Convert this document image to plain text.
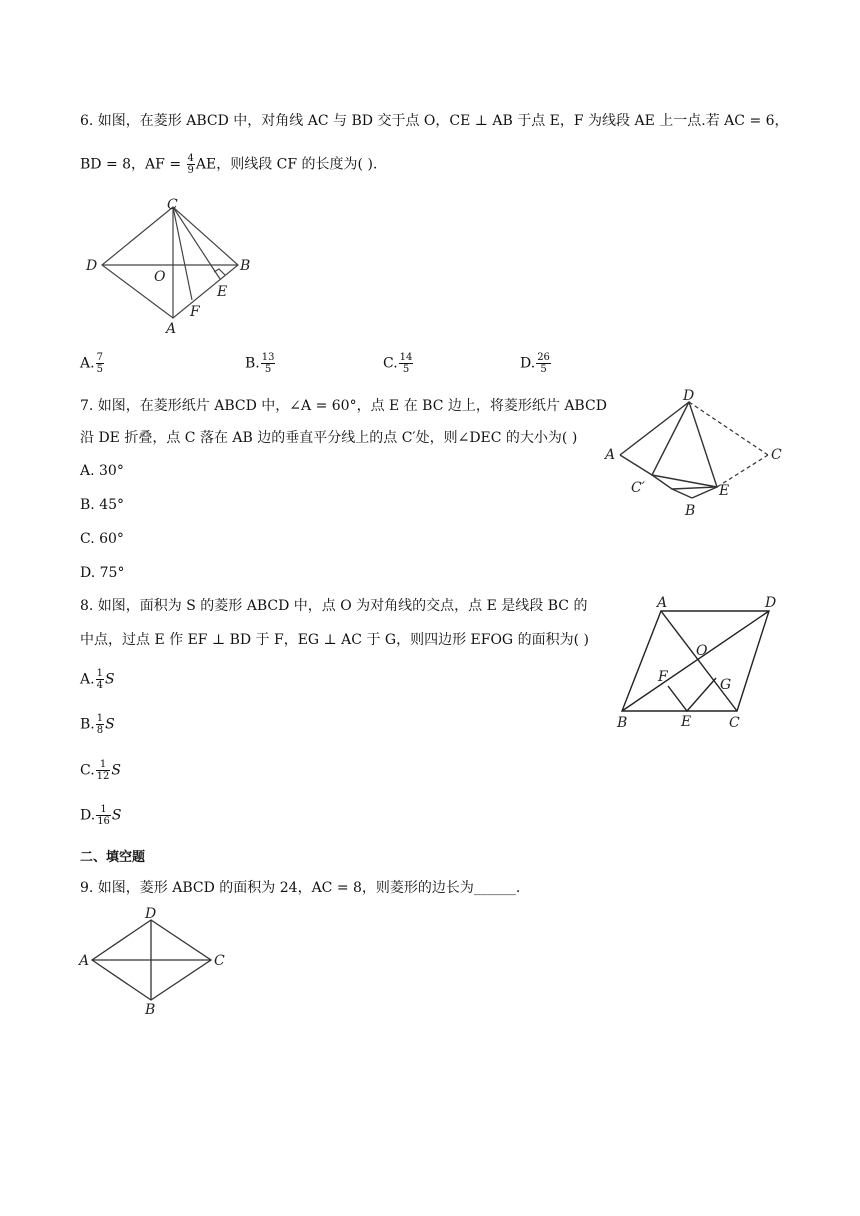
6. 如图，在菱形 ABCD 中，对角线 AC 与 BD 交于点 O，CE ⊥ AB 于点 E，F 为线段 AE 上一点.若 AC = 6，
BD = 8，AF = $\frac{4}{9}$ AE，则线段 CF 的长度为( ).
C
D
O
B
E
A
F
A. $\frac{7}{5}$	B. $\frac{13}{5}$	C. $\frac{14}{5}$	D. $\frac{26}{5}$
7. 如图，在菱形纸片 ABCD 中，∠A = 60°，点 E 在 BC 边上，将菱形纸片 ABCD
沿 DE 折叠，点 C 落在 AB 边的垂直平分线上的点 C′处，则∠DEC 的大小为( )
A. 30°
B. 45°
C. 60°
D. 75°
D
A	C
C′	E
B
8. 如图，面积为 S 的菱形 ABCD 中，点 O 为对角线的交点，点 E 是线段 BC 的
中点，过点 E 作 EF ⊥ BD 于 F，EG ⊥ AC 于 G，则四边形 EFOG 的面积为( )
A. $\frac{1}{4}$ S
B. $\frac{1}{8}$ S
C. $\frac{1}{12}$ S
D. $\frac{1}{16}$ S
A	D
O
F	G
B	E	C
二、填空题
9. 如图，菱形 ABCD 的面积为 24，AC = 8，则菱形的边长为______.
D
A	C
B
